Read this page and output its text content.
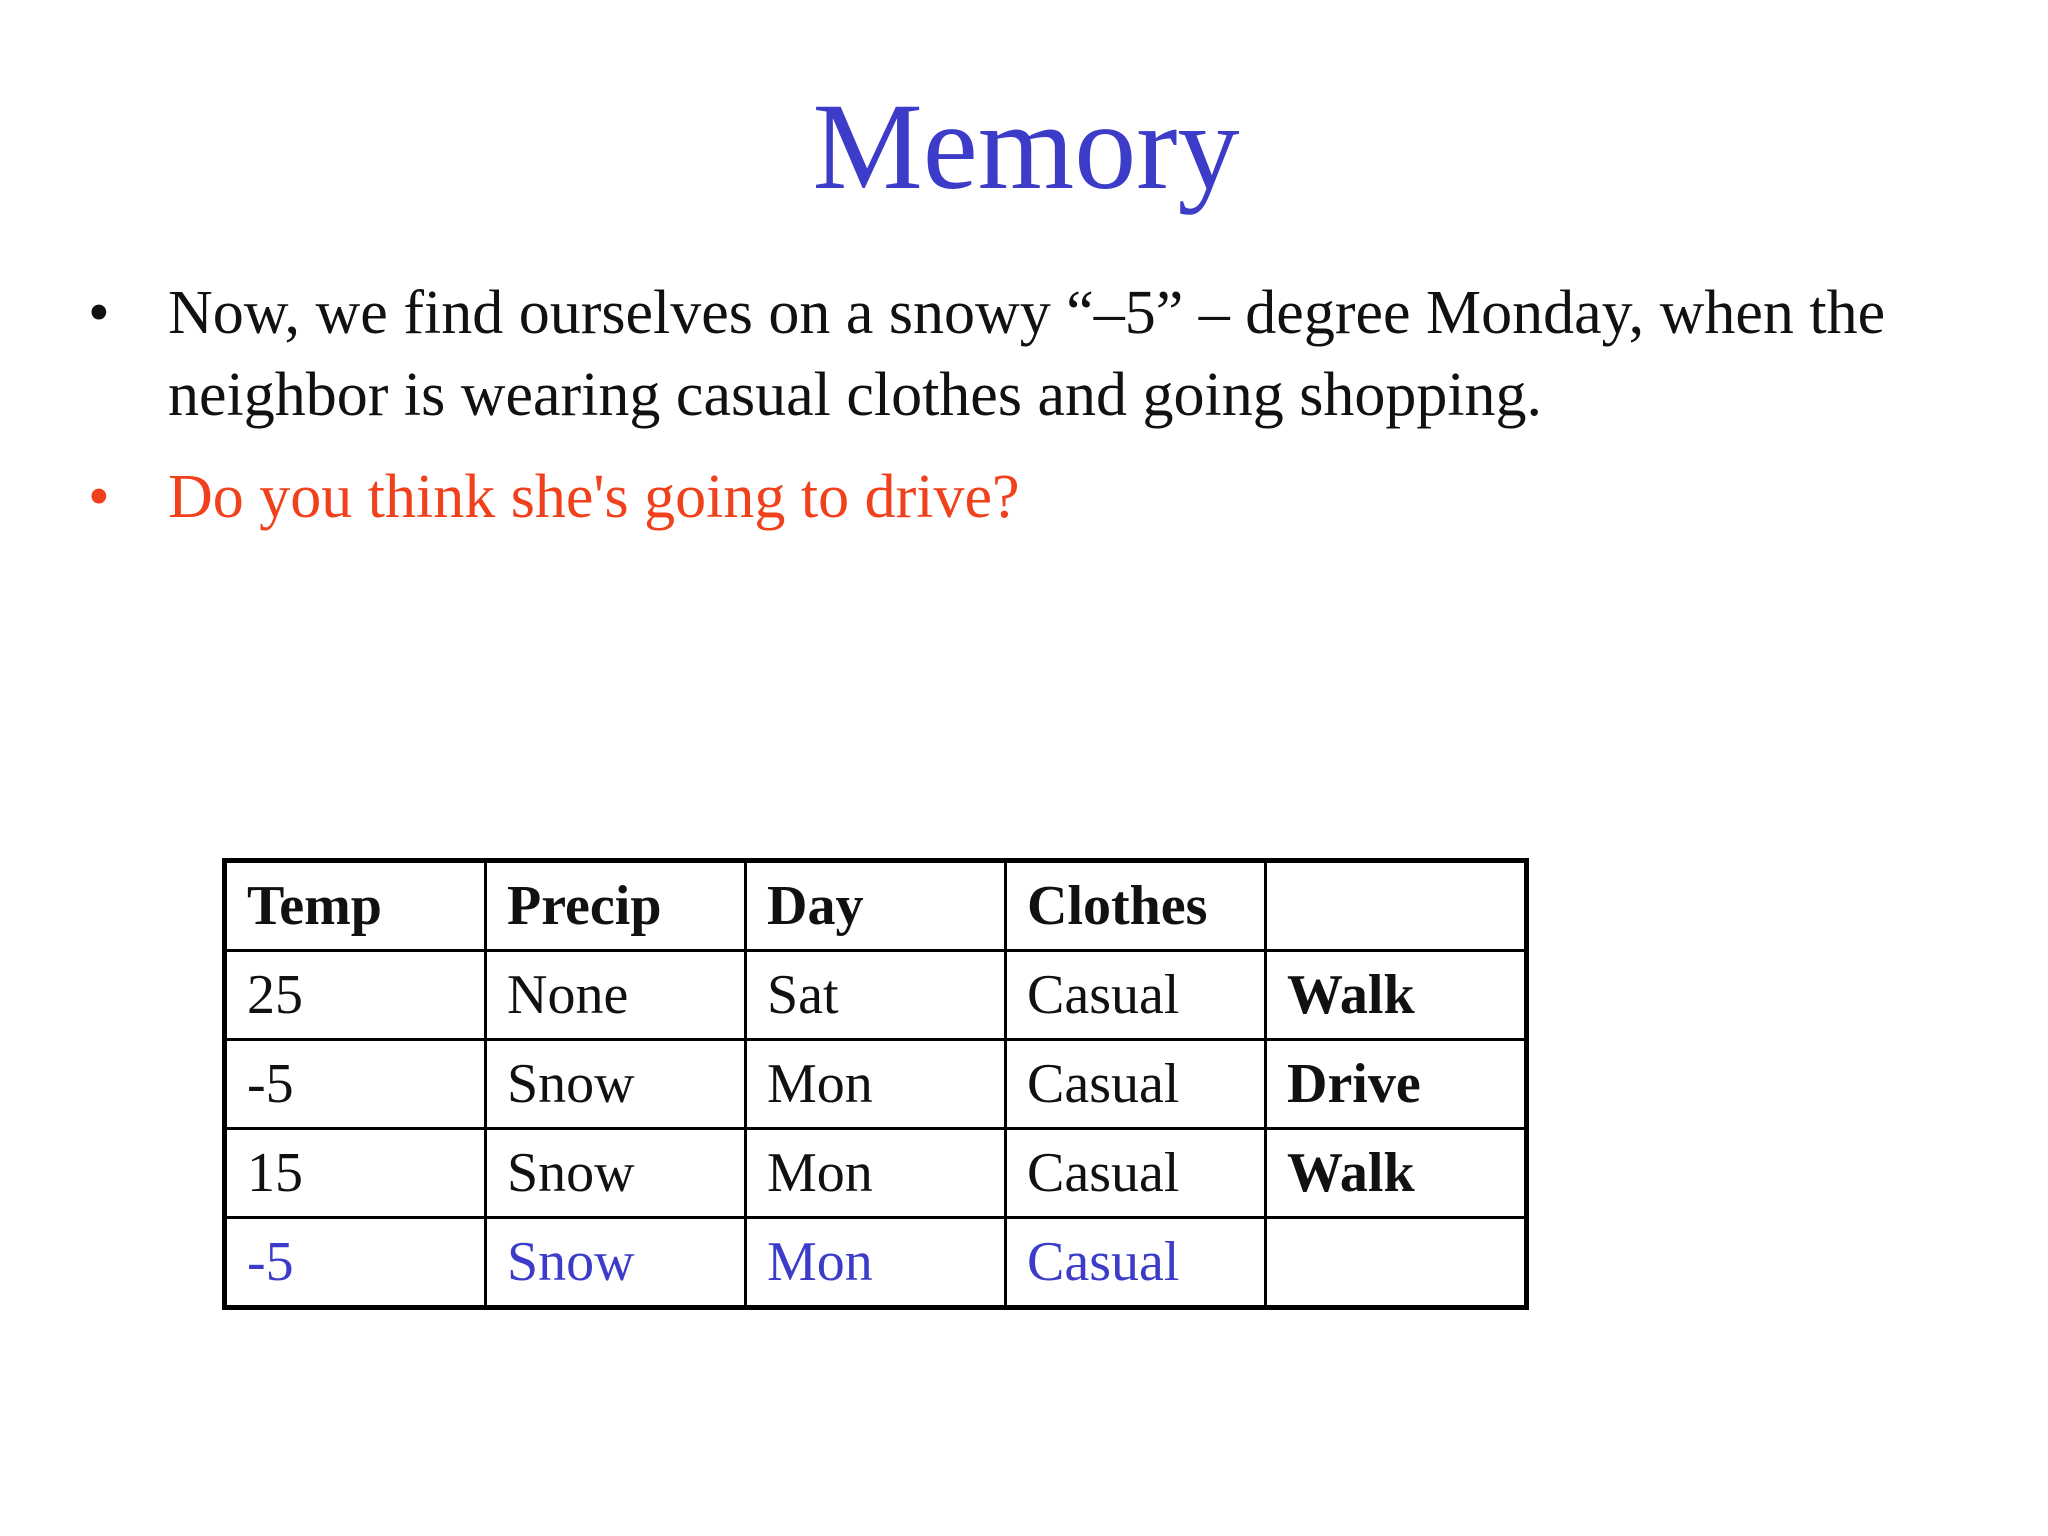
Memory
• Now, we find ourselves on a snowy “–5” – degree Monday, when the neighbor is wearing casual clothes and going shopping.
• Do you think she's going to drive?
Temp	Precip	Day	Clothes	
25	None	Sat	Casual	Walk
-5	Snow	Mon	Casual	Drive
15	Snow	Mon	Casual	Walk
-5	Snow	Mon	Casual	
